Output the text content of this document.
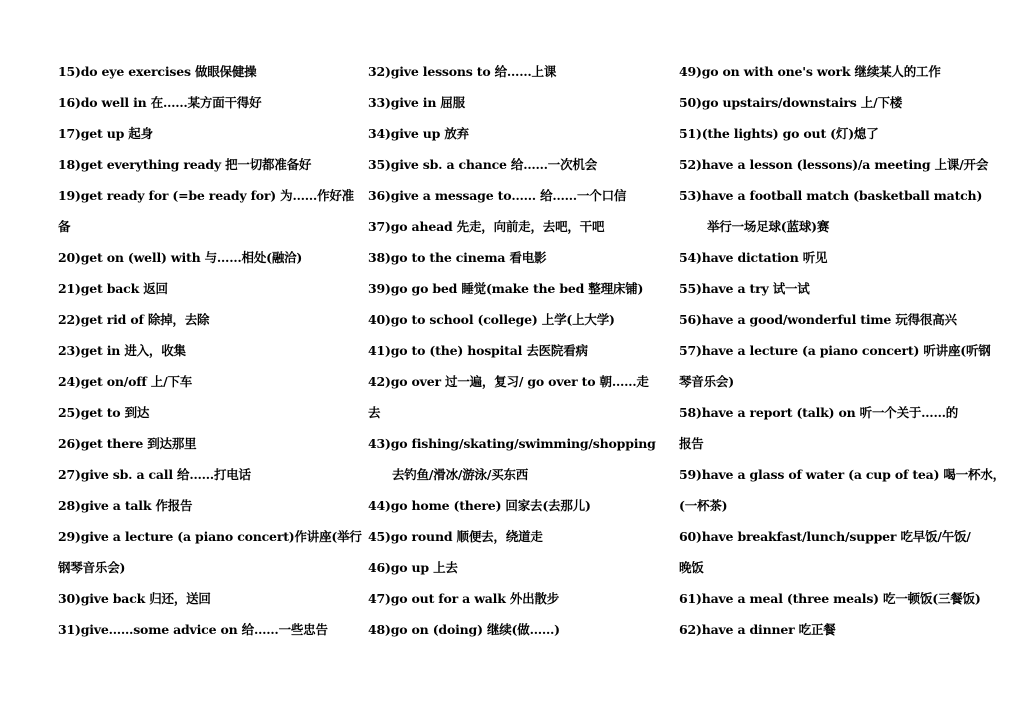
15)do eye exercises 做眼保健操
16)do well in 在……某方面干得好
17)get up 起身
18)get everything ready 把一切都准备好
19)get ready for (=be ready for) 为……作好准
备
20)get on (well) with 与……相处(融洽)
21)get back 返回
22)get rid of 除掉，去除
23)get in 进入，收集
24)get on/off 上/下车
25)get to 到达
26)get there 到达那里
27)give sb. a call 给……打电话
28)give a talk 作报告
29)give a lecture (a piano concert)作讲座(举行
钢琴音乐会)
30)give back 归还，送回
31)give……some advice on 给……一些忠告
32)give lessons to 给……上课
33)give in 屈服
34)give up 放弃
35)give sb. a chance 给……一次机会
36)give a message to…… 给……一个口信
37)go ahead 先走，向前走，去吧，干吧
38)go to the cinema 看电影
39)go go bed 睡觉(make the bed 整理床铺)
40)go to school (college) 上学(上大学)
41)go to (the) hospital 去医院看病
42)go over 过一遍，复习/ go over to 朝……走
去
43)go fishing/skating/swimming/shopping
去钓鱼/滑冰/游泳/买东西
44)go home (there) 回家去(去那儿)
45)go round 顺便去，绕道走
46)go up 上去
47)go out for a walk 外出散步
48)go on (doing) 继续(做……)
49)go on with one's work 继续某人的工作
50)go upstairs/downstairs 上/下楼
51)(the lights) go out (灯)熄了
52)have a lesson (lessons)/a meeting 上课/开会
53)have a football match (basketball match)
举行一场足球(蓝球)赛
54)have dictation 听见
55)have a try 试一试
56)have a good/wonderful time 玩得很高兴
57)have a lecture (a piano concert) 听讲座(听钢
琴音乐会)
58)have a report (talk) on 听一个关于……的
报告
59)have a glass of water (a cup of tea) 喝一杯水，
(一杯茶)
60)have breakfast/lunch/supper 吃早饭/午饭/
晚饭
61)have a meal (three meals) 吃一顿饭(三餐饭)
62)have a dinner 吃正餐
